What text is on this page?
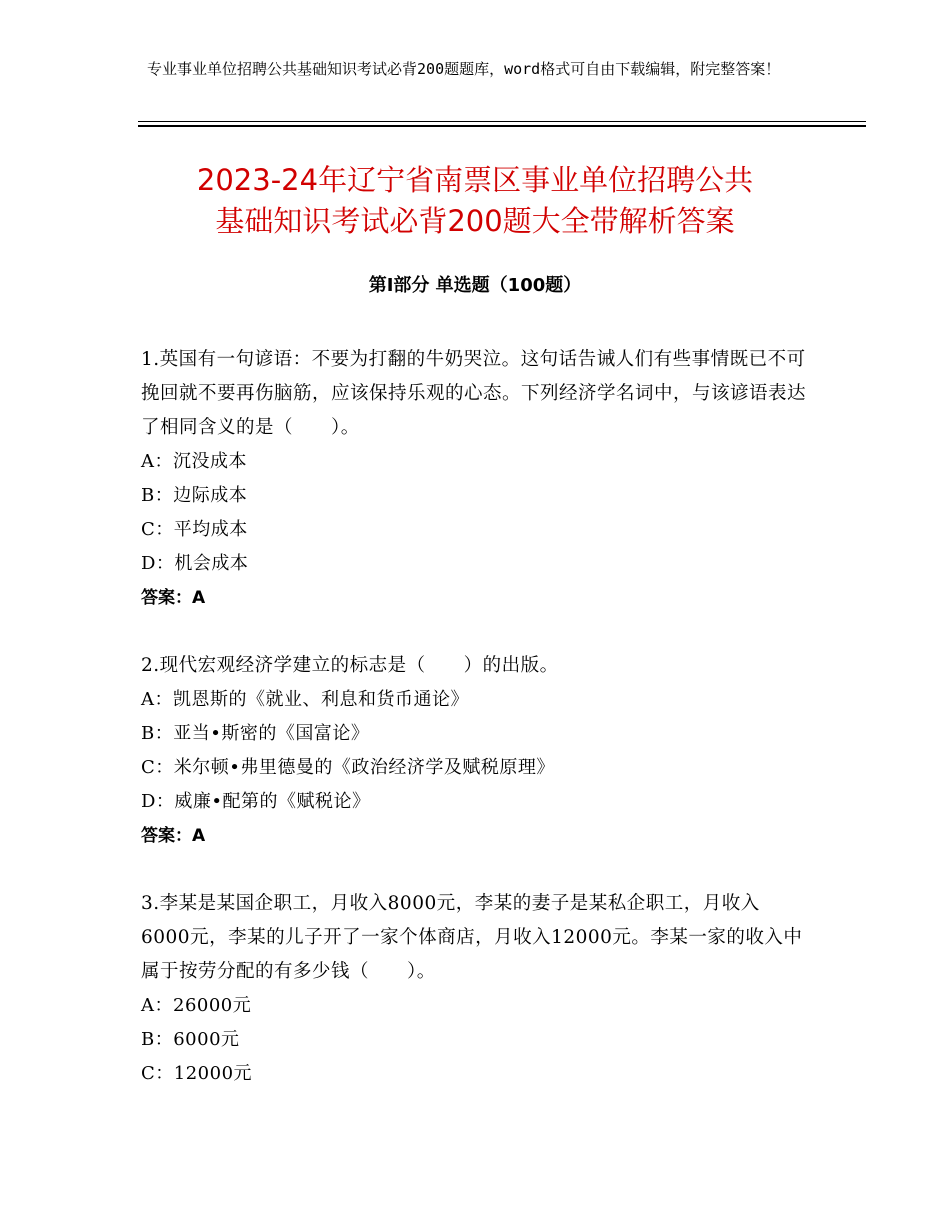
专业事业单位招聘公共基础知识考试必背200题题库，word格式可自由下载编辑，附完整答案！
2023-24年辽宁省南票区事业单位招聘公共
基础知识考试必背200题大全带解析答案
第Ⅰ部分 单选题（100题）
1.英国有一句谚语：不要为打翻的牛奶哭泣。这句话告诫人们有些事情既已不可挽回就不要再伤脑筋，应该保持乐观的心态。下列经济学名词中，与该谚语表达了相同含义的是（　　）。
A：沉没成本
B：边际成本
C：平均成本
D：机会成本
答案：A
2.现代宏观经济学建立的标志是（　　）的出版。
A：凯恩斯的《就业、利息和货币通论》
B：亚当•斯密的《国富论》
C：米尔顿•弗里德曼的《政治经济学及赋税原理》
D：威廉•配第的《赋税论》
答案：A
3.李某是某国企职工，月收入8000元，李某的妻子是某私企职工，月收入6000元，李某的儿子开了一家个体商店，月收入12000元。李某一家的收入中属于按劳分配的有多少钱（　　）。
A：26000元
B：6000元
C：12000元
